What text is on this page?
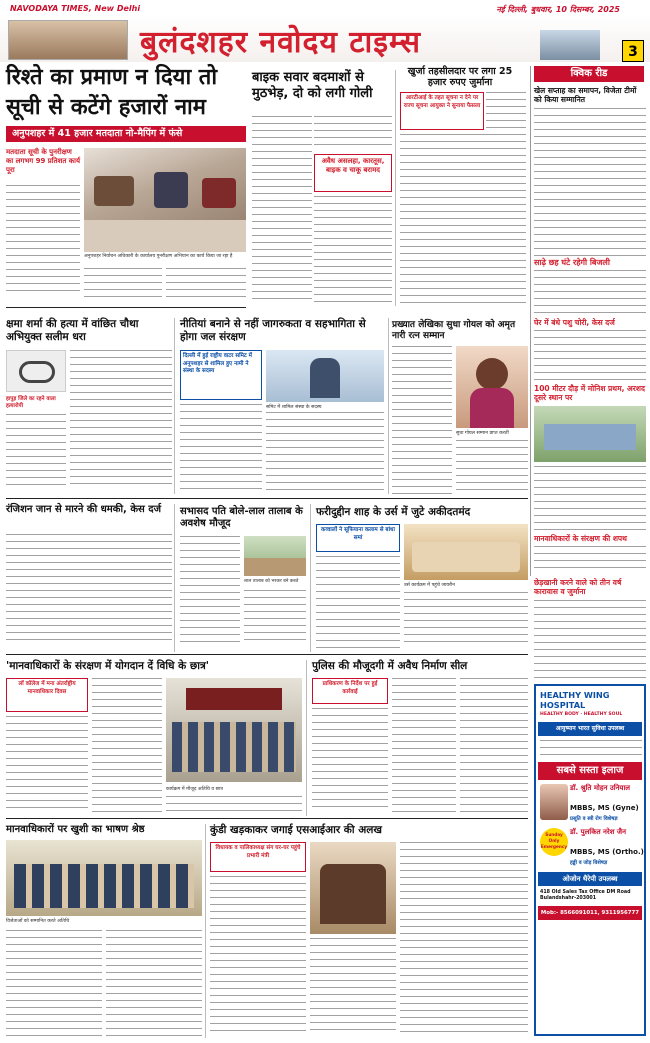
NAVODAYA TIMES, New Delhi	नई दिल्ली, बुधवार, 10 दिसम्बर, 2025
बुलंदशहर नवोदय टाइम्स	3
रिश्ते का प्रमाण न दिया तो
सूची से कटेंगे हजारों नाम
अनुपशहर में 41 हजार मतदाता नो-मैपिंग में फंसे
मतदाता सूची के पुनरीक्षण का लगभग 99 प्रतिशत कार्य पूरा
अनुपशहर निर्वाचन अधिकारी के कार्यालय पुनरीक्षण अभियान का कार्य किया जा रहा है
बाइक सवार बदमाशों से मुठभेड़, दो को लगी गोली
अवैध असलहा, कारतूस, बाइक व चाकू बरामद
खुर्जा तहसीलदार पर लगा 25 हजार रुपए जुर्माना
आरटीआई के तहत सूचना न देने पर राज्य सूचना आयुक्त ने सुनाया फैसला
क्विक रीड
खेल सप्ताह का समापन, विजेता टीमों को किया सम्मानित
साढ़े छह घंटे रहेगी बिजली
घेर में बंधे पशु चोरी, केस दर्ज
100 मीटर दौड़ में मोनिश प्रथम, अरशद दूसरे स्थान पर
मानवाधिकारों के संरक्षण की शपथ
छेड़खानी करने वाले को तीन वर्ष कारावास व जुर्माना
क्षमा शर्मा की हत्या में वांछित चौथा अभियुक्त सलीम धरा
हापुड़ जिले का रहने वाला हत्यारोपी
नीतियां बनाने से नहीं जागरुकता व सहभागिता से होगा जल संरक्षण
दिल्ली में हुई राष्ट्रीय वाटर समिट में अनूपशहर से शामिल हुए नामी ने संस्था के सदस्य
समिट में शामिल संस्था के सदस्य
प्रख्यात लेखिका सुधा गोयल को अमृत नारी रत्न सम्मान
सुधा गोयल सम्मान प्राप्त करतीं
रंजिशन जान से मारने की धमकी, केस दर्ज	सभासद पति बोले-लाल तालाब के अवशेष मौजूद
लाल तालाब को भरकर बने कब्जे
फरीदुद्दीन शाह के उर्स में जुटे अकीदतमंद
कव्वालों ने सूफियाना कलाम से बांधा समां
उर्स कार्यक्रम में पहुंचे जायरीन
'मानवाधिकारों के संरक्षण में योगदान दें विधि के छात्र'
लॉ कॉलेज में मना अंतर्राष्ट्रीय मानवाधिकार दिवस
कार्यक्रम में मौजूद अतिथि व छात्र
पुलिस की मौजूदगी में अवैध निर्माण सील
प्राधिकरण के निर्देश पर हुई कार्रवाई	HEALTHY WING HOSPITAL
HEALTHY BODY · HEALTHY SOUL
आयुष्मान भारत सुविधा उपलब्ध
सबसे सस्ता इलाज
डॉ. श्रुति मोहन उनियाल
MBBS, MS (Gyne)
प्रसूति व स्त्री रोग विशेषज्ञ
Sunday Only Emergency
डॉ. पुलकित नरेश जैन
MBBS, MS (Ortho.)
हड्डी व जोड़ विशेषज्ञ
ओजोन थैरेपी उपलब्ध
418 Old Sales Tax Office DM Road Bulandshahr-203001
Mob:- 8566091011, 9311956777
मानवाधिकारों पर खुशी का भाषण श्रेष्ठ
विजेताओं को सम्मानित करते अतिथि
कुंडी खड़काकर जगाई एसआईआर की अलख
विधायक व पालिकाध्यक्ष संग घर-घर पहुंचे प्रभारी मंत्री
